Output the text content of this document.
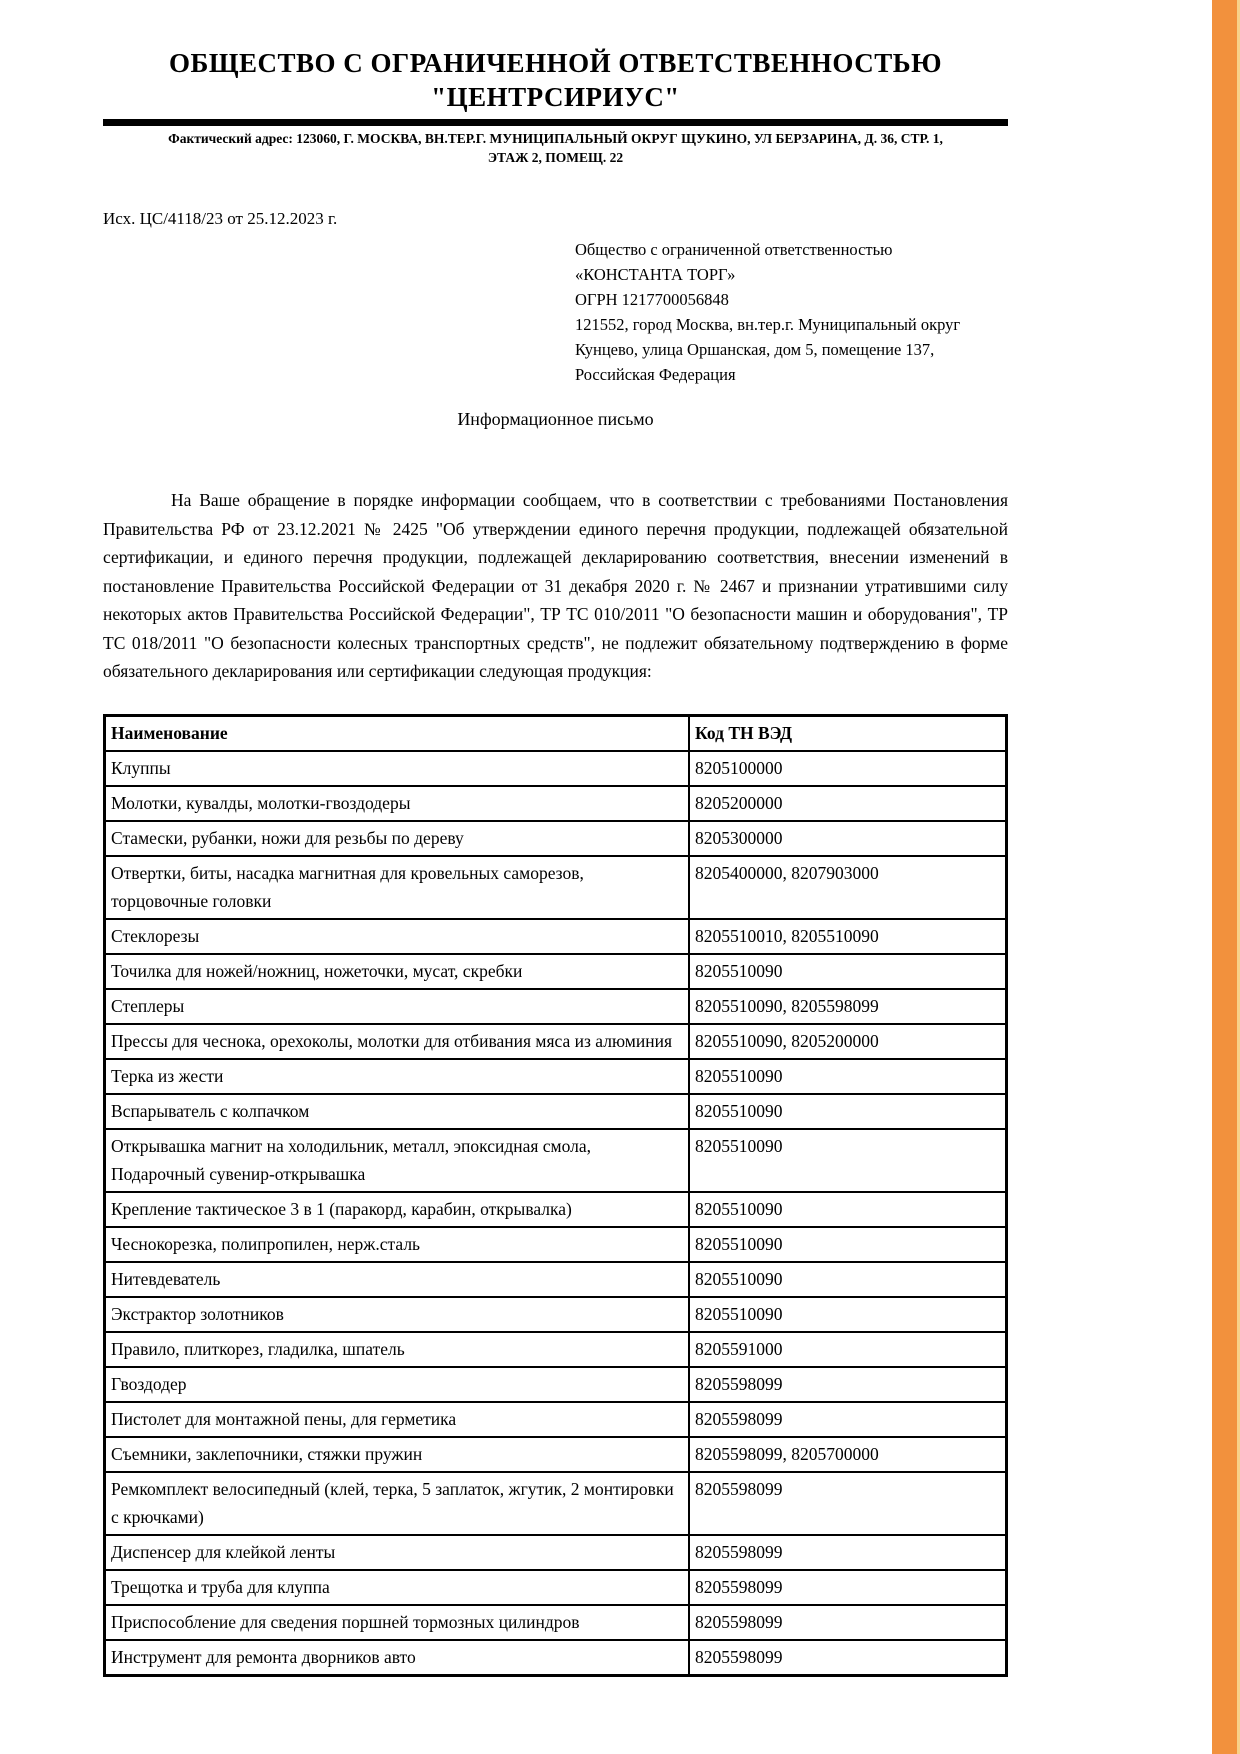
ОБЩЕСТВО С ОГРАНИЧЕННОЙ ОТВЕТСТВЕННОСТЬЮ
"ЦЕНТРСИРИУС"
Фактический адрес: 123060, Г. МОСКВА, ВН.ТЕР.Г. МУНИЦИПАЛЬНЫЙ ОКРУГ ЩУКИНО, УЛ БЕРЗАРИНА, Д. 36, СТР. 1,
ЭТАЖ 2, ПОМЕЩ. 22
Исх. ЦС/4118/23 от 25.12.2023 г.
Общество с ограниченной ответственностью
«КОНСТАНТА ТОРГ»
ОГРН 1217700056848
121552, город Москва, вн.тер.г. Муниципальный округ
Кунцево, улица Оршанская, дом 5, помещение 137,
Российская Федерация
Информационное письмо
На Ваше обращение в порядке информации сообщаем, что в соответствии с требованиями Постановления Правительства РФ от 23.12.2021 № 2425 "Об утверждении единого перечня продукции, подлежащей обязательной сертификации, и единого перечня продукции, подлежащей декларированию соответствия, внесении изменений в постановление Правительства Российской Федерации от 31 декабря 2020 г. № 2467 и признании утратившими силу некоторых актов Правительства Российской Федерации", ТР ТС 010/2011 "О безопасности машин и оборудования", ТР ТС 018/2011 "О безопасности колесных транспортных средств", не подлежит обязательному подтверждению в форме обязательного декларирования или сертификации следующая продукция:
Наименование	Код ТН ВЭД
Клуппы	8205100000
Молотки, кувалды, молотки-гвоздодеры	8205200000
Стамески, рубанки, ножи для резьбы по дереву	8205300000
Отвертки, биты, насадка магнитная для кровельных саморезов, торцовочные головки	8205400000, 8207903000
Стеклорезы	8205510010, 8205510090
Точилка для ножей/ножниц, ножеточки, мусат, скребки	8205510090
Степлеры	8205510090, 8205598099
Прессы для чеснока, орехоколы, молотки для отбивания мяса из алюминия	8205510090, 8205200000
Терка из жести	8205510090
Вспарыватель с колпачком	8205510090
Открывашка магнит на холодильник, металл, эпоксидная смола, Подарочный сувенир-открывашка	8205510090
Крепление тактическое 3 в 1 (паракорд, карабин, открывалка)	8205510090
Чеснокорезка, полипропилен, нерж.сталь	8205510090
Нитевдеватель	8205510090
Экстрактор золотников	8205510090
Правило, плиткорез, гладилка, шпатель	8205591000
Гвоздодер	8205598099
Пистолет для монтажной пены, для герметика	8205598099
Съемники, заклепочники, стяжки пружин	8205598099, 8205700000
Ремкомплект велосипедный (клей, терка, 5 заплаток, жгутик, 2 монтировки с крючками)	8205598099
Диспенсер для клейкой ленты	8205598099
Трещотка и труба для клуппа	8205598099
Приспособление для сведения поршней тормозных цилиндров	8205598099
Инструмент для ремонта дворников авто	8205598099
